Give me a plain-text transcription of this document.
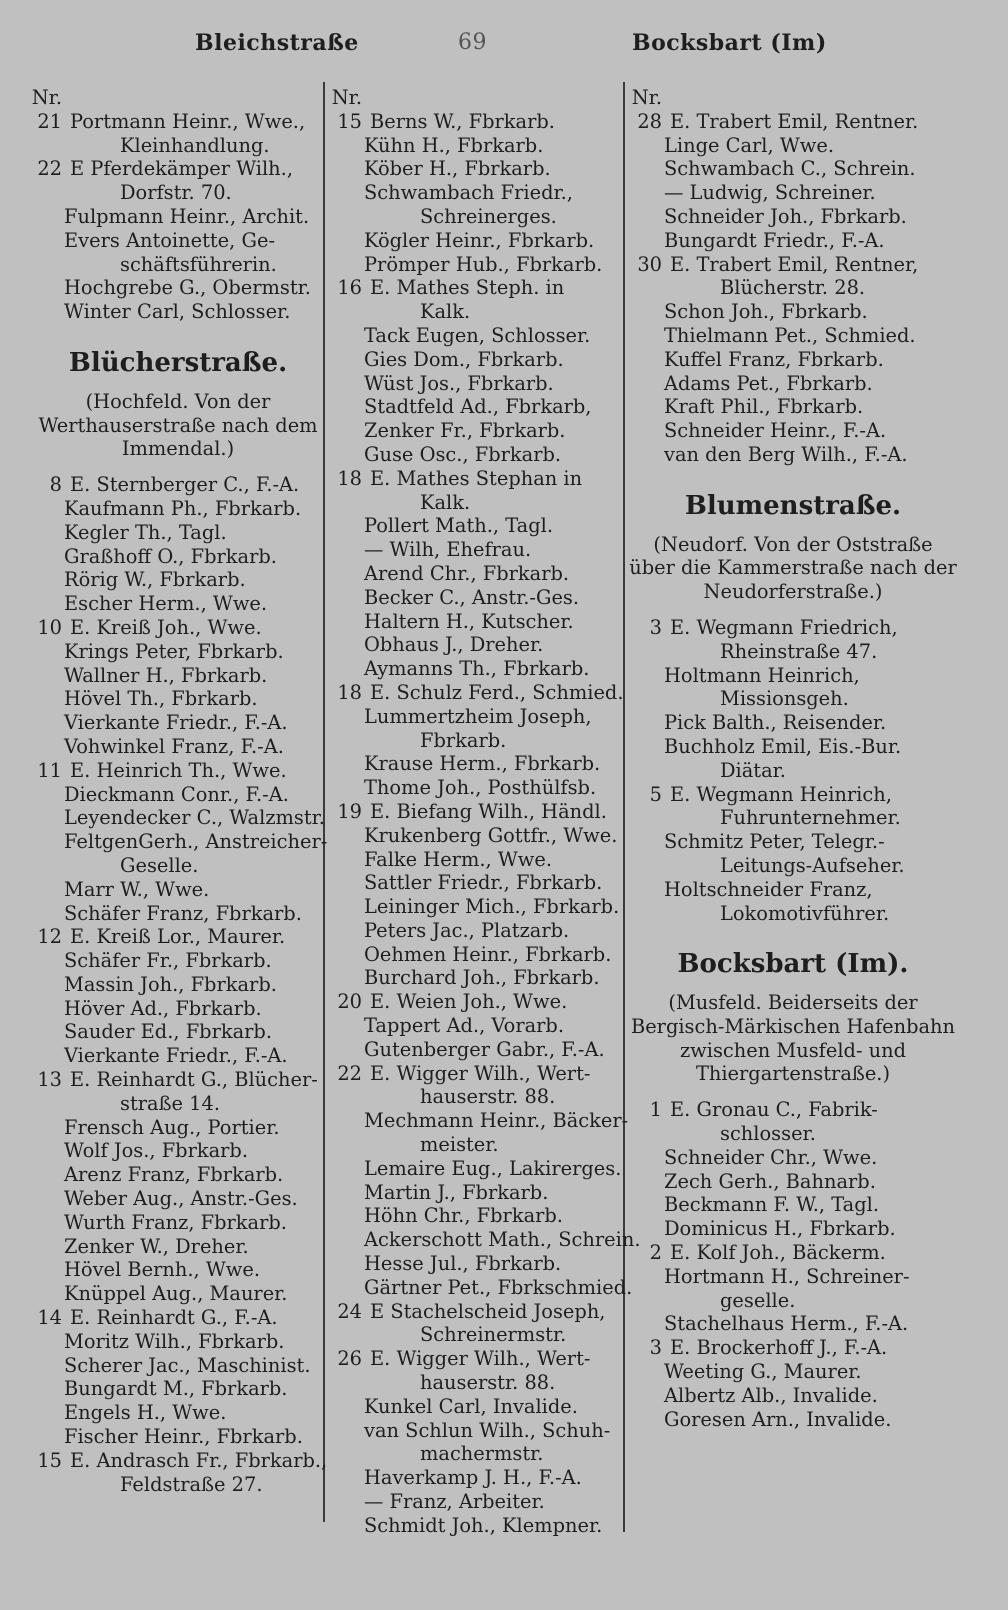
Bleichstraße	69	Bocksbart (Im)
Nr.
21 Portmann Heinr., Wwe.,
Kleinhandlung.
22 E Pferdekämper Wilh.,
Dorfstr. 70.
Fulpmann Heinr., Archit.
Evers Antoinette, Ge-
schäftsführerin.
Hochgrebe G., Obermstr.
Winter Carl, Schlosser.
Blücherstraße.
(Hochfeld. Von der Werthauserstraße nach dem Immendal.)
8 E. Sternberger C., F.-A.
Kaufmann Ph., Fbrkarb.
Kegler Th., Tagl.
Graßhoff O., Fbrkarb.
Rörig W., Fbrkarb.
Escher Herm., Wwe.
10 E. Kreiß Joh., Wwe.
Krings Peter, Fbrkarb.
Wallner H., Fbrkarb.
Hövel Th., Fbrkarb.
Vierkante Friedr., F.-A.
Vohwinkel Franz, F.-A.
11 E. Heinrich Th., Wwe.
Dieckmann Conr., F.-A.
Leyendecker C., Walzmstr.
FeltgenGerh., Anstreicher-
Geselle.
Marr W., Wwe.
Schäfer Franz, Fbrkarb.
12 E. Kreiß Lor., Maurer.
Schäfer Fr., Fbrkarb.
Massin Joh., Fbrkarb.
Höver Ad., Fbrkarb.
Sauder Ed., Fbrkarb.
Vierkante Friedr., F.-A.
13 E. Reinhardt G., Blücher-
straße 14.
Frensch Aug., Portier.
Wolf Jos., Fbrkarb.
Arenz Franz, Fbrkarb.
Weber Aug., Anstr.-Ges.
Wurth Franz, Fbrkarb.
Zenker W., Dreher.
Hövel Bernh., Wwe.
Knüppel Aug., Maurer.
14 E. Reinhardt G., F.-A.
Moritz Wilh., Fbrkarb.
Scherer Jac., Maschinist.
Bungardt M., Fbrkarb.
Engels H., Wwe.
Fischer Heinr., Fbrkarb.
15 E. Andrasch Fr., Fbrkarb.,
Feldstraße 27.
Nr.
15 Berns W., Fbrkarb.
Kühn H., Fbrkarb.
Köber H., Fbrkarb.
Schwambach Friedr.,
Schreinerges.
Kögler Heinr., Fbrkarb.
Prömper Hub., Fbrkarb.
16 E. Mathes Steph. in
Kalk.
Tack Eugen, Schlosser.
Gies Dom., Fbrkarb.
Wüst Jos., Fbrkarb.
Stadtfeld Ad., Fbrkarb,
Zenker Fr., Fbrkarb.
Guse Osc., Fbrkarb.
18 E. Mathes Stephan in
Kalk.
Pollert Math., Tagl.
— Wilh, Ehefrau.
Arend Chr., Fbrkarb.
Becker C., Anstr.-Ges.
Haltern H., Kutscher.
Obhaus J., Dreher.
Aymanns Th., Fbrkarb.
18 E. Schulz Ferd., Schmied.
Lummertzheim Joseph,
Fbrkarb.
Krause Herm., Fbrkarb.
Thome Joh., Posthülfsb.
19 E. Biefang Wilh., Händl.
Krukenberg Gottfr., Wwe.
Falke Herm., Wwe.
Sattler Friedr., Fbrkarb.
Leininger Mich., Fbrkarb.
Peters Jac., Platzarb.
Oehmen Heinr., Fbrkarb.
Burchard Joh., Fbrkarb.
20 E. Weien Joh., Wwe.
Tappert Ad., Vorarb.
Gutenberger Gabr., F.-A.
22 E. Wigger Wilh., Wert-
hauserstr. 88.
Mechmann Heinr., Bäcker-
meister.
Lemaire Eug., Lakirerges.
Martin J., Fbrkarb.
Höhn Chr., Fbrkarb.
Ackerschott Math., Schrein.
Hesse Jul., Fbrkarb.
Gärtner Pet., Fbrkschmied.
24 E Stachelscheid Joseph,
Schreinermstr.
26 E. Wigger Wilh., Wert-
hauserstr. 88.
Kunkel Carl, Invalide.
van Schlun Wilh., Schuh-
machermstr.
Haverkamp J. H., F.-A.
— Franz, Arbeiter.
Schmidt Joh., Klempner.
Nr.
28 E. Trabert Emil, Rentner.
Linge Carl, Wwe.
Schwambach C., Schrein.
— Ludwig, Schreiner.
Schneider Joh., Fbrkarb.
Bungardt Friedr., F.-A.
30 E. Trabert Emil, Rentner,
Blücherstr. 28.
Schon Joh., Fbrkarb.
Thielmann Pet., Schmied.
Kuffel Franz, Fbrkarb.
Adams Pet., Fbrkarb.
Kraft Phil., Fbrkarb.
Schneider Heinr., F.-A.
van den Berg Wilh., F.-A.
Blumenstraße.
(Neudorf. Von der Oststraße über die Kammerstraße nach der Neudorferstraße.)
3 E. Wegmann Friedrich,
Rheinstraße 47.
Holtmann Heinrich,
Missionsgeh.
Pick Balth., Reisender.
Buchholz Emil, Eis.-Bur.
Diätar.
5 E. Wegmann Heinrich,
Fuhrunternehmer.
Schmitz Peter, Telegr.-
Leitungs-Aufseher.
Holtschneider Franz,
Lokomotivführer.
Bocksbart (Im).
(Musfeld. Beiderseits der Bergisch-Märkischen Hafenbahn zwischen Musfeld- und Thiergartenstraße.)
1 E. Gronau C., Fabrik-
schlosser.
Schneider Chr., Wwe.
Zech Gerh., Bahnarb.
Beckmann F. W., Tagl.
Dominicus H., Fbrkarb.
2 E. Kolf Joh., Bäckerm.
Hortmann H., Schreiner-
geselle.
Stachelhaus Herm., F.-A.
3 E. Brockerhoff J., F.-A.
Weeting G., Maurer.
Albertz Alb., Invalide.
Goresen Arn., Invalide.
